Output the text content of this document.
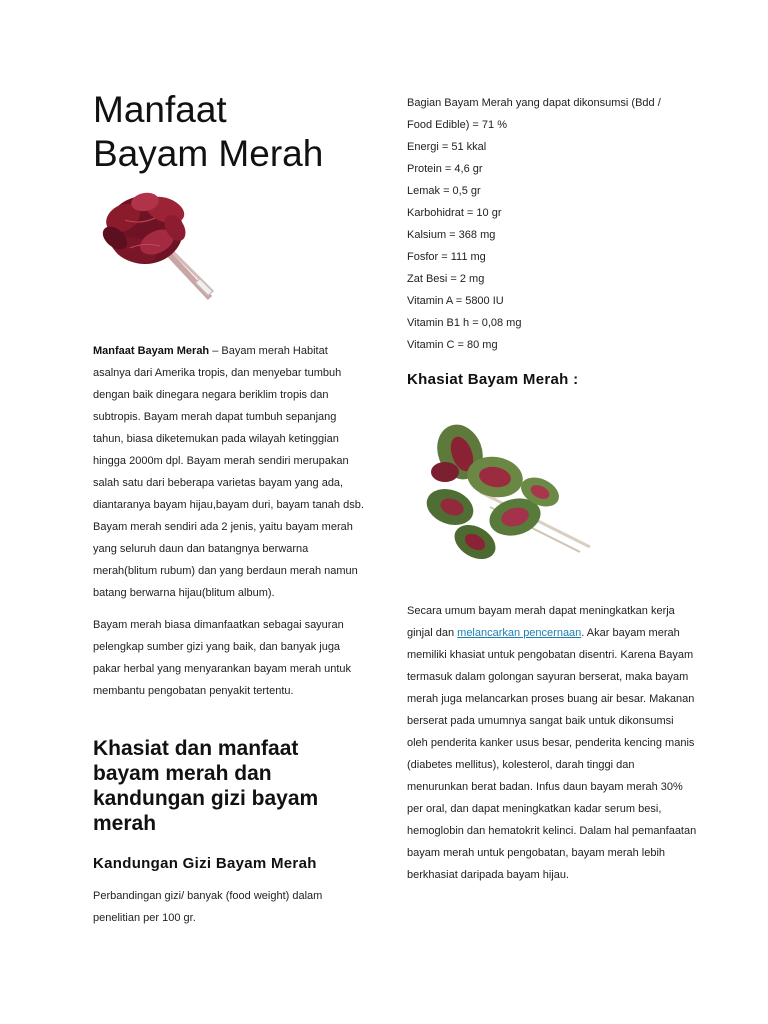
Manfaat
Bayam Merah

Manfaat Bayam Merah – Bayam merah Habitat asalnya dari Amerika tropis, dan menyebar tumbuh dengan baik dinegara negara beriklim tropis dan subtropis. Bayam merah dapat tumbuh sepanjang tahun, biasa diketemukan pada wilayah ketinggian hingga 2000m dpl. Bayam merah sendiri merupakan salah satu dari beberapa varietas bayam yang ada, diantaranya bayam hijau,bayam duri, bayam tanah dsb. Bayam merah sendiri ada 2 jenis, yaitu bayam merah yang seluruh daun dan batangnya berwarna merah(blitum rubum) dan yang berdaun merah namun batang berwarna hijau(blitum album).

Bayam merah biasa dimanfaatkan sebagai sayuran pelengkap sumber gizi yang baik, dan banyak juga pakar herbal yang menyarankan bayam merah untuk membantu pengobatan penyakit tertentu.

Khasiat dan manfaat bayam merah dan kandungan gizi bayam merah
Kandungan Gizi Bayam Merah

Perbandingan gizi/ banyak (food weight) dalam penelitian per 100 gr.

Bagian Bayam Merah yang dapat dikonsumsi (Bdd /
Food Edible) = 71 %
Energi = 51 kkal
Protein = 4,6 gr
Lemak = 0,5 gr
Karbohidrat = 10 gr
Kalsium = 368 mg
Fosfor = 111 mg
Zat Besi = 2 mg
Vitamin A = 5800 IU
Vitamin B1 h = 0,08 mg
Vitamin C = 80 mg
Khasiat Bayam Merah :

Secara umum bayam merah dapat meningkatkan kerja ginjal dan melancarkan pencernaan. Akar bayam merah memiliki khasiat untuk pengobatan disentri. Karena Bayam termasuk dalam golongan sayuran berserat, maka bayam merah juga melancarkan proses buang air besar. Makanan berserat pada umumnya sangat baik untuk dikonsumsi oleh penderita kanker usus besar, penderita kencing manis (diabetes mellitus), kolesterol, darah tinggi dan menurunkan berat badan. Infus daun bayam merah 30% per oral, dan dapat meningkatkan kadar serum besi, hemoglobin dan hematokrit kelinci. Dalam hal pemanfaatan bayam merah untuk pengobatan, bayam merah lebih berkhasiat daripada bayam hijau.
